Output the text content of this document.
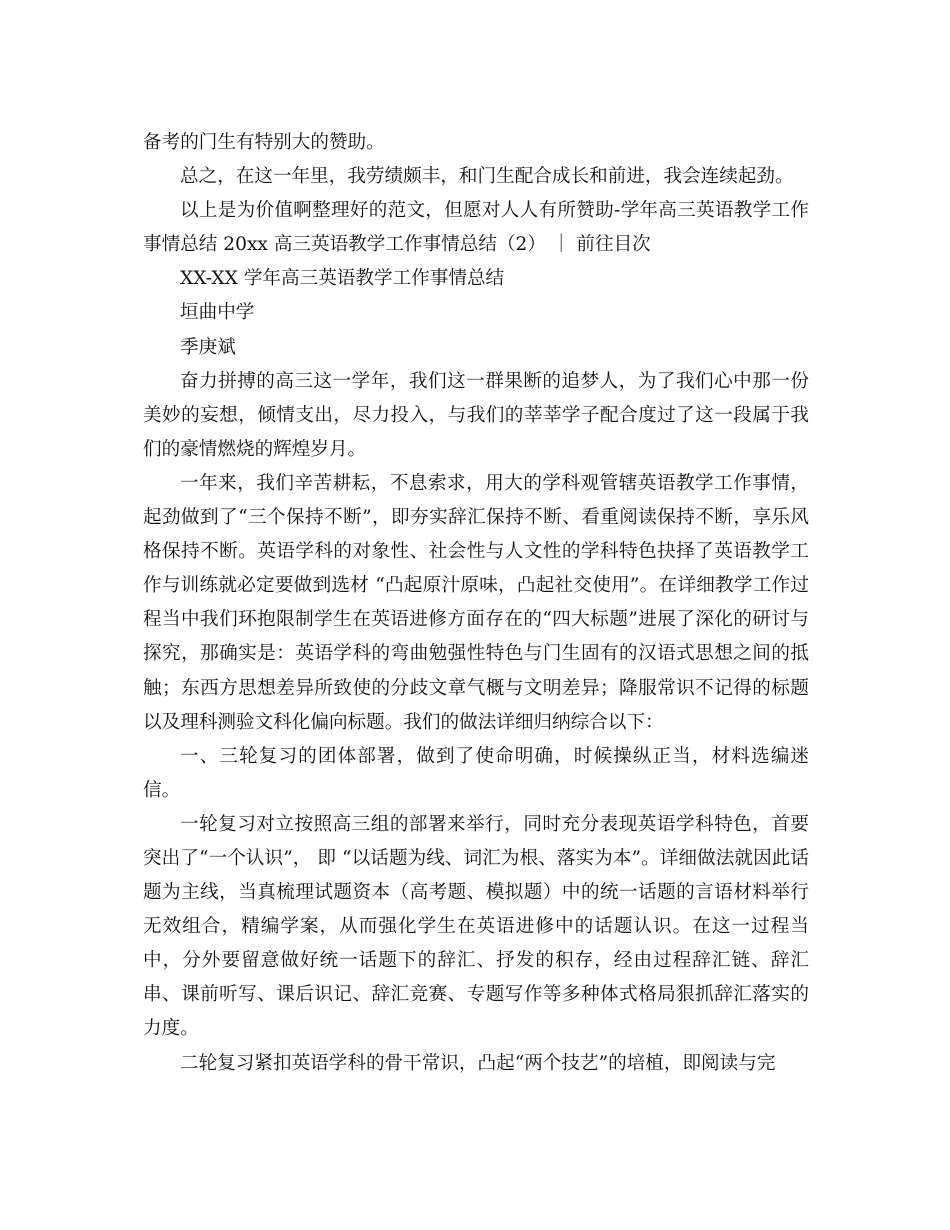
备考的门生有特别大的赞助。

总之，在这一年里，我劳绩颇丰，和门生配合成长和前进，我会连续起劲。

以上是为价值啊整理好的范文，但愿对人人有所赞助-学年高三英语教学工作事情总结 20xx 高三英语教学工作事情总结（2） ｜ 前往目次

XX-XX 学年高三英语教学工作事情总结

垣曲中学

季庚斌

奋力拼搏的高三这一学年，我们这一群果断的追梦人，为了我们心中那一份美妙的妄想，倾情支出，尽力投入，与我们的莘莘学子配合度过了这一段属于我们的豪情燃烧的辉煌岁月。

一年来，我们辛苦耕耘，不息索求，用大的学科观管辖英语教学工作事情，起劲做到了“三个保持不断”，即夯实辞汇保持不断、看重阅读保持不断，享乐风格保持不断。英语学科的对象性、社会性与人文性的学科特色抉择了英语教学工作与训练就必定要做到选材 “凸起原汁原味，凸起社交使用”。在详细教学工作过程当中我们环抱限制学生在英语进修方面存在的“四大标题”进展了深化的研讨与探究，那确实是：英语学科的弯曲勉强性特色与门生固有的汉语式思想之间的抵触；东西方思想差异所致使的分歧文章气概与文明差异；降服常识不记得的标题以及理科测验文科化偏向标题。我们的做法详细归纳综合以下：

一、三轮复习的团体部署，做到了使命明确，时候操纵正当，材料选编迷信。

一轮复习对立按照高三组的部署来举行，同时充分表现英语学科特色，首要突出了“一个认识”， 即 “以话题为线、词汇为根、落实为本”。详细做法就因此话题为主线，当真梳理试题资本（高考题、模拟题）中的统一话题的言语材料举行无效组合，精编学案，从而强化学生在英语进修中的话题认识。在这一过程当中，分外要留意做好统一话题下的辞汇、抒发的积存，经由过程辞汇链、辞汇串、课前听写、课后识记、辞汇竞赛、专题写作等多种体式格局狠抓辞汇落实的力度。

二轮复习紧扣英语学科的骨干常识，凸起“两个技艺”的培植，即阅读与完
